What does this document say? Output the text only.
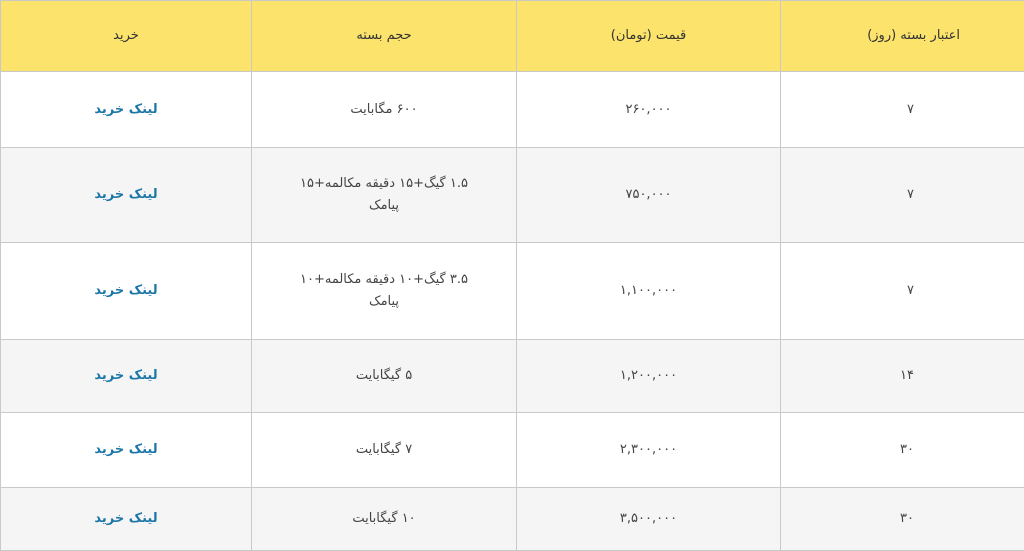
اعتبار بسته (روز)	قیمت (تومان)	حجم بسته	خرید
۷	۲۶۰,۰۰۰	۶۰۰ مگابایت	لینک خرید
۷	۷۵۰,۰۰۰	۱.۵ گیگ+۱۵ دقیقه مکالمه+۱۵ پیامک	لینک خرید
۷	۱,۱۰۰,۰۰۰	۳.۵ گیگ+۱۰ دقیقه مکالمه+۱۰ پیامک	لینک خرید
۱۴	۱,۲۰۰,۰۰۰	۵ گیگابایت	لینک خرید
۳۰	۲,۳۰۰,۰۰۰	۷ گیگابایت	لینک خرید
۳۰	۳,۵۰۰,۰۰۰	۱۰ گیگابایت	لینک خرید
